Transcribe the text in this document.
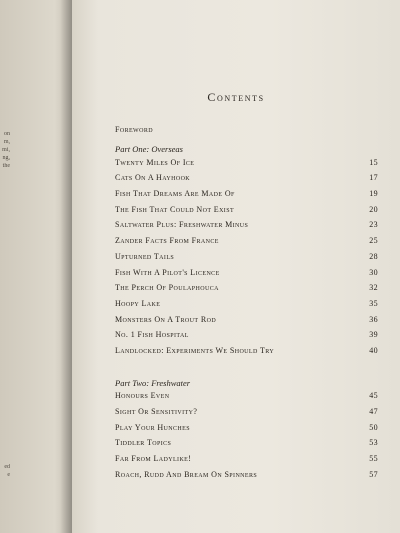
on
m,
mi,
ng,
the
ed
e
Contents
Foreword
Part One: Overseas
Twenty Miles Of Ice	15
Cats On A Hayhook	17
Fish That Dreams Are Made Of	19
The Fish That Could Not Exist	20
Saltwater Plus: Freshwater Minus	23
Zander Facts From France	25
Upturned Tails	28
Fish With A Pilot's Licence	30
The Perch Of Poulaphouca	32
Hoopy Lake	35
Monsters On A Trout Rod	36
No. 1 Fish Hospital	39
Landlocked: Experiments We Should Try	40
Part Two: Freshwater
Honours Even	45
Sight Or Sensitivity?	47
Play Your Hunches	50
Tiddler Topics	53
Far From Ladylike!	55
Roach, Rudd And Bream On Spinners	57
